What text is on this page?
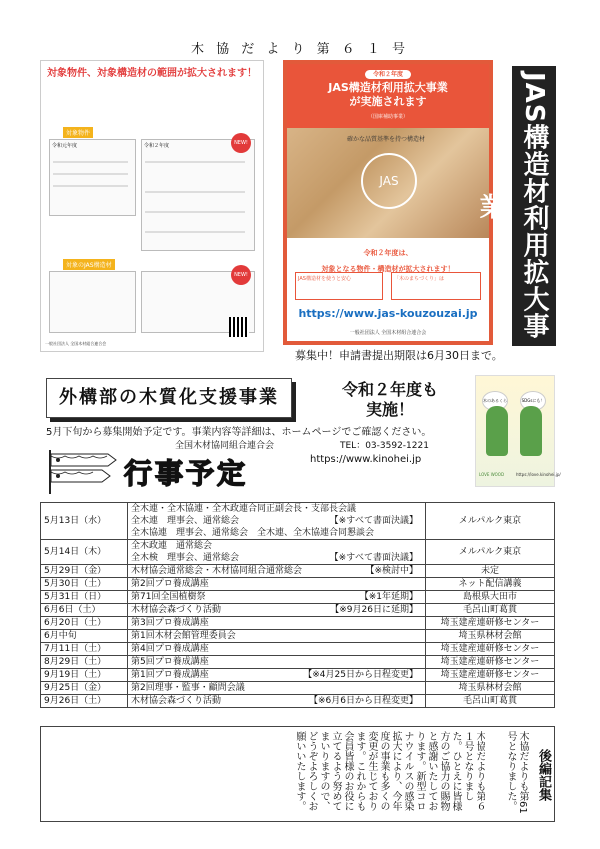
木 協 だ よ り 第 ６ １ 号
対象物件、対象構造材の範囲が拡大されます！
対象物件
令和元年度	令和２年度	NEW!
対象のJAS構造材
NEW!
一般社団法人 全国木材組合連合会
令和２年度
JAS構造材利用拡大事業
が実施されます
（国庫補助事業）
確かな品質基準を持つ構造材
JAS
JAS構造材を利用する建築物の実証事業に対して、調達費の一部が助成されます。
令和２年度は、
対象となる物件・構造材が拡大されます！
JAS構造材を使うと安心	「木のまちづくり」は
https://www.jas-kouzouzai.jp
一般社団法人 全国木材組合連合会	JAS構造材利用拡大事業
募集中！申請書提出期限は6月30日まで。
外構部の木質化支援事業	令和２年度も
実施！	木のあるくら	SDGsにも！
LOVE WOOD	https://love.kinohei.jp/
5月下旬から募集開始予定です。事業内容等詳細は、ホームページでご確認ください。
全国木材協同組合連合会	TEL：03-3592-1221
https://www.kinohei.jp
行事予定
5月13日（水）	全木連・全木協連・全木政連合同正副会長・支部長会議
全木連　理事会、通常総会 【※すべて書面決議】
全木協連　理事会、通常総会　全木連、全木協連合同懇談会	メルパルク東京
5月14日（木）	全木政連　通常総会
全木検　理事会、通常総会 【※すべて書面決議】	メルパルク東京
5月29日（金）	木材協会通常総会・木材協同組合通常総会 【※検討中】	未定
5月30日（土）	第2回プロ養成講座	ネット配信講義
5月31日（日）	第71回全国植樹祭 【※1年延期】	島根県大田市
6月6日（土）	木材協会森づくり活動 【※9月26日に延期】	毛呂山町葛貫
6月20日（土）	第3回プロ養成講座	埼玉建産連研修センター
6月中旬	第1回木材会館管理委員会	埼玉県林材会館
7月11日（土）	第4回プロ養成講座	埼玉建産連研修センター
8月29日（土）	第5回プロ養成講座	埼玉建産連研修センター
9月19日（土）	第1回プロ養成講座 【※4月25日から日程変更】	埼玉建産連研修センター
9月25日（金）	第2回理事・監事・顧問会議	埼玉県林材会館
9月26日（土）	木材協会森づくり活動 【※6月6日から日程変更】	毛呂山町葛貫
木協だよりも第６１号となりました。ひとえに皆様方のご協力の賜物と感謝いたしております。新型コロナウイルスの感染拡大により、今年度の事業も多くの変更が生じております。これからも会員皆様のお役に立てるよう努めてまいりますので、どうぞよろしくお願いいたします。	木協だよりも第61号となりました。	後編記集
